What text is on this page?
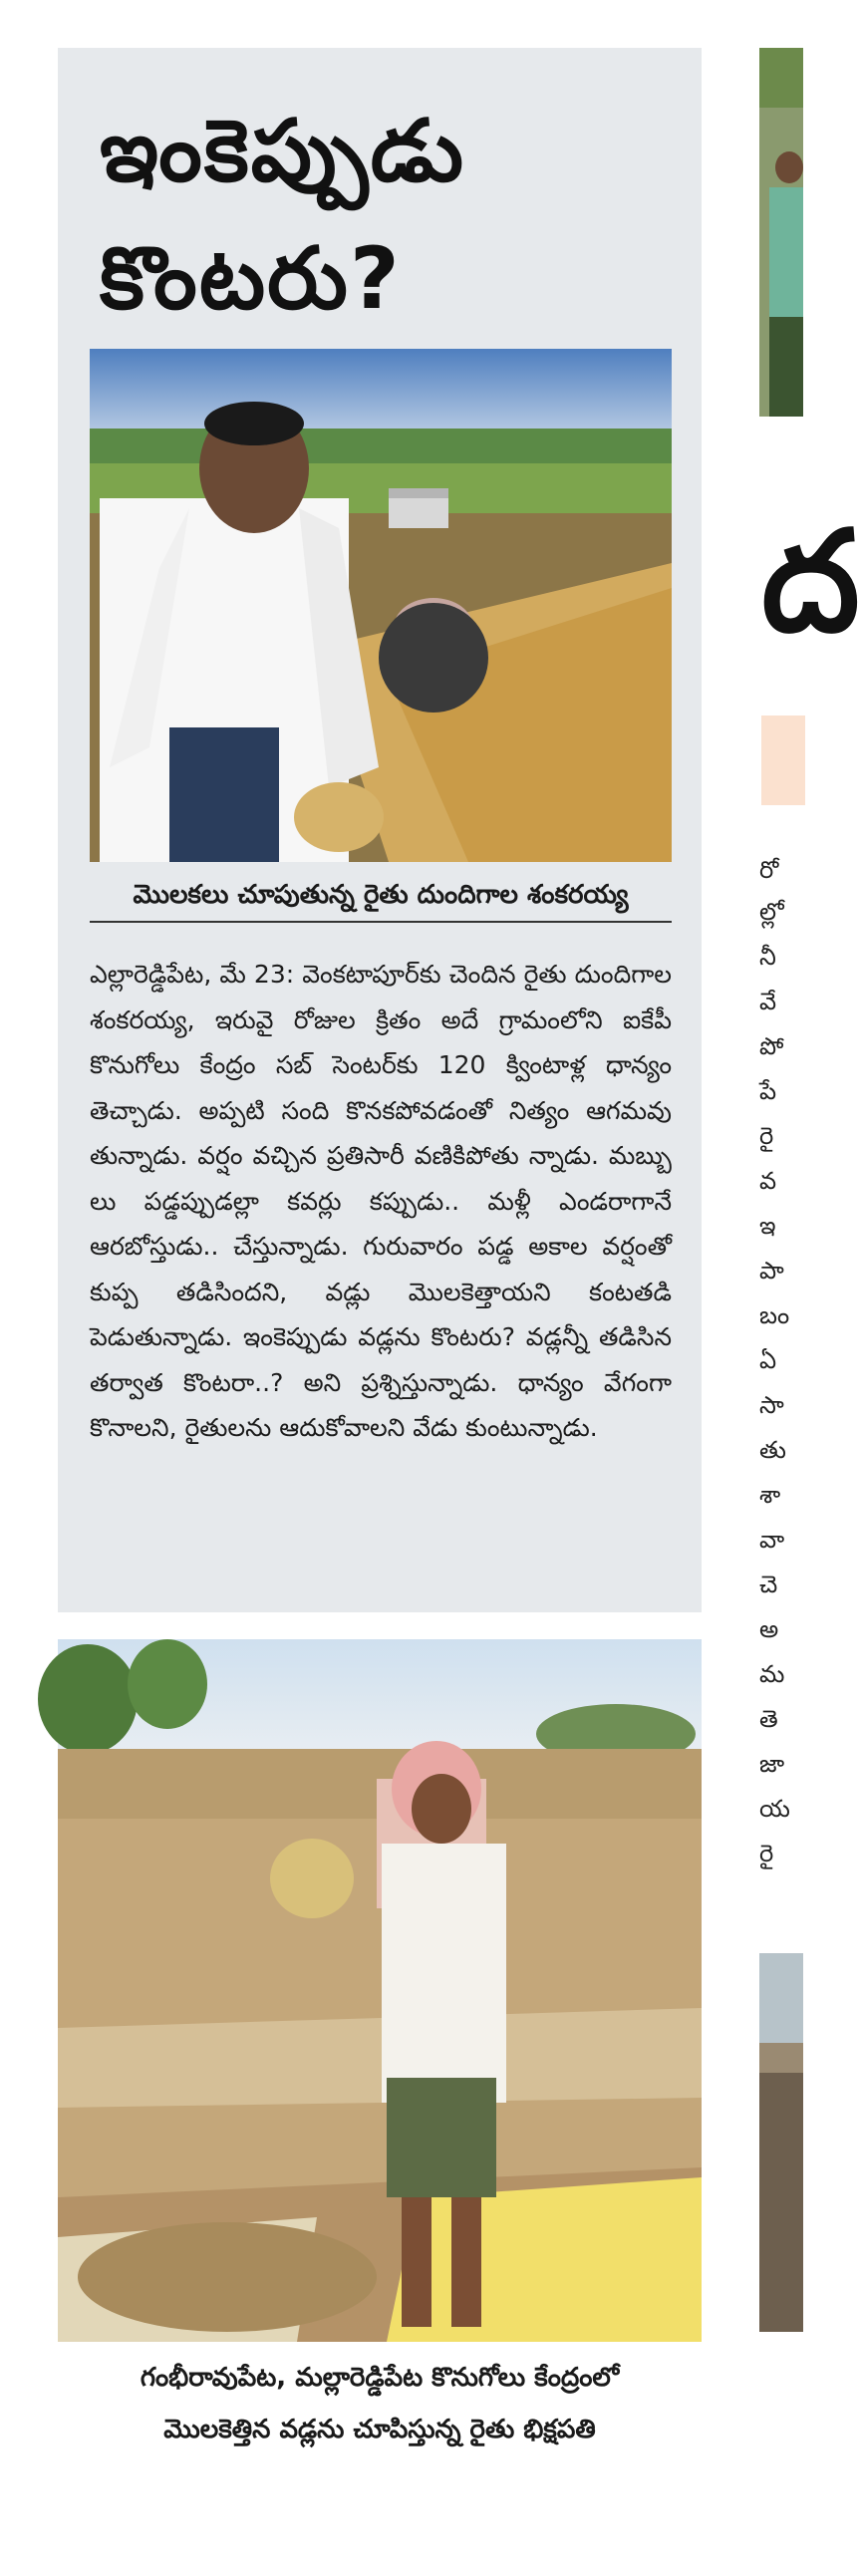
ఇంకెప్పుడు
కొంటరు?
మొలకలు చూపుతున్న రైతు దుందిగాల శంకరయ్య
ఎల్లారెడ్డిపేట, మే 23: వెంకటాపూర్‌కు చెందిన రైతు దుందిగాల శంకరయ్య, ఇరువై రోజుల క్రితం అదే గ్రామంలోని ఐకేపీ కొనుగోలు కేంద్రం సబ్ సెంటర్‌కు 120 క్వింటాళ్ల ధాన్యం తెచ్చాడు. అప్పటి సంది కొనకపోవడంతో నిత్యం ఆగమవు తున్నాడు. వర్షం వచ్చిన ప్రతిసారీ వణికిపోతు న్నాడు. మబ్బు లు పడ్డప్పుడల్లా కవర్లు కప్పుడు.. మళ్లీ ఎండరాగానే ఆరబోస్తుడు.. చేస్తున్నాడు. గురువారం పడ్డ అకాల వర్షంతో కుప్ప తడిసిందని, వడ్లు మొలకెత్తాయని కంటతడి పెడుతున్నాడు. ఇంకెప్పుడు వడ్లను కొంటరు? వడ్లన్నీ తడిసిన తర్వాత కొంటరా..? అని ప్రశ్నిస్తున్నాడు. ధాన్యం వేగంగా కొనాలని, రైతులను ఆదుకోవాలని వేడు కుంటున్నాడు.
గంభీరావుపేట, మల్లారెడ్డిపేట కొనుగోలు కేంద్రంలో
మొలకెత్తిన వడ్లను చూపిస్తున్న రైతు భిక్షపతి
ద
రో
ల్లో
నీ
వే
పో
పే
రై
వ
ఇ
పా
బం
ఏ
సా
తు
శా
వా
చె
అ
మ
తె
జా
య
రై
